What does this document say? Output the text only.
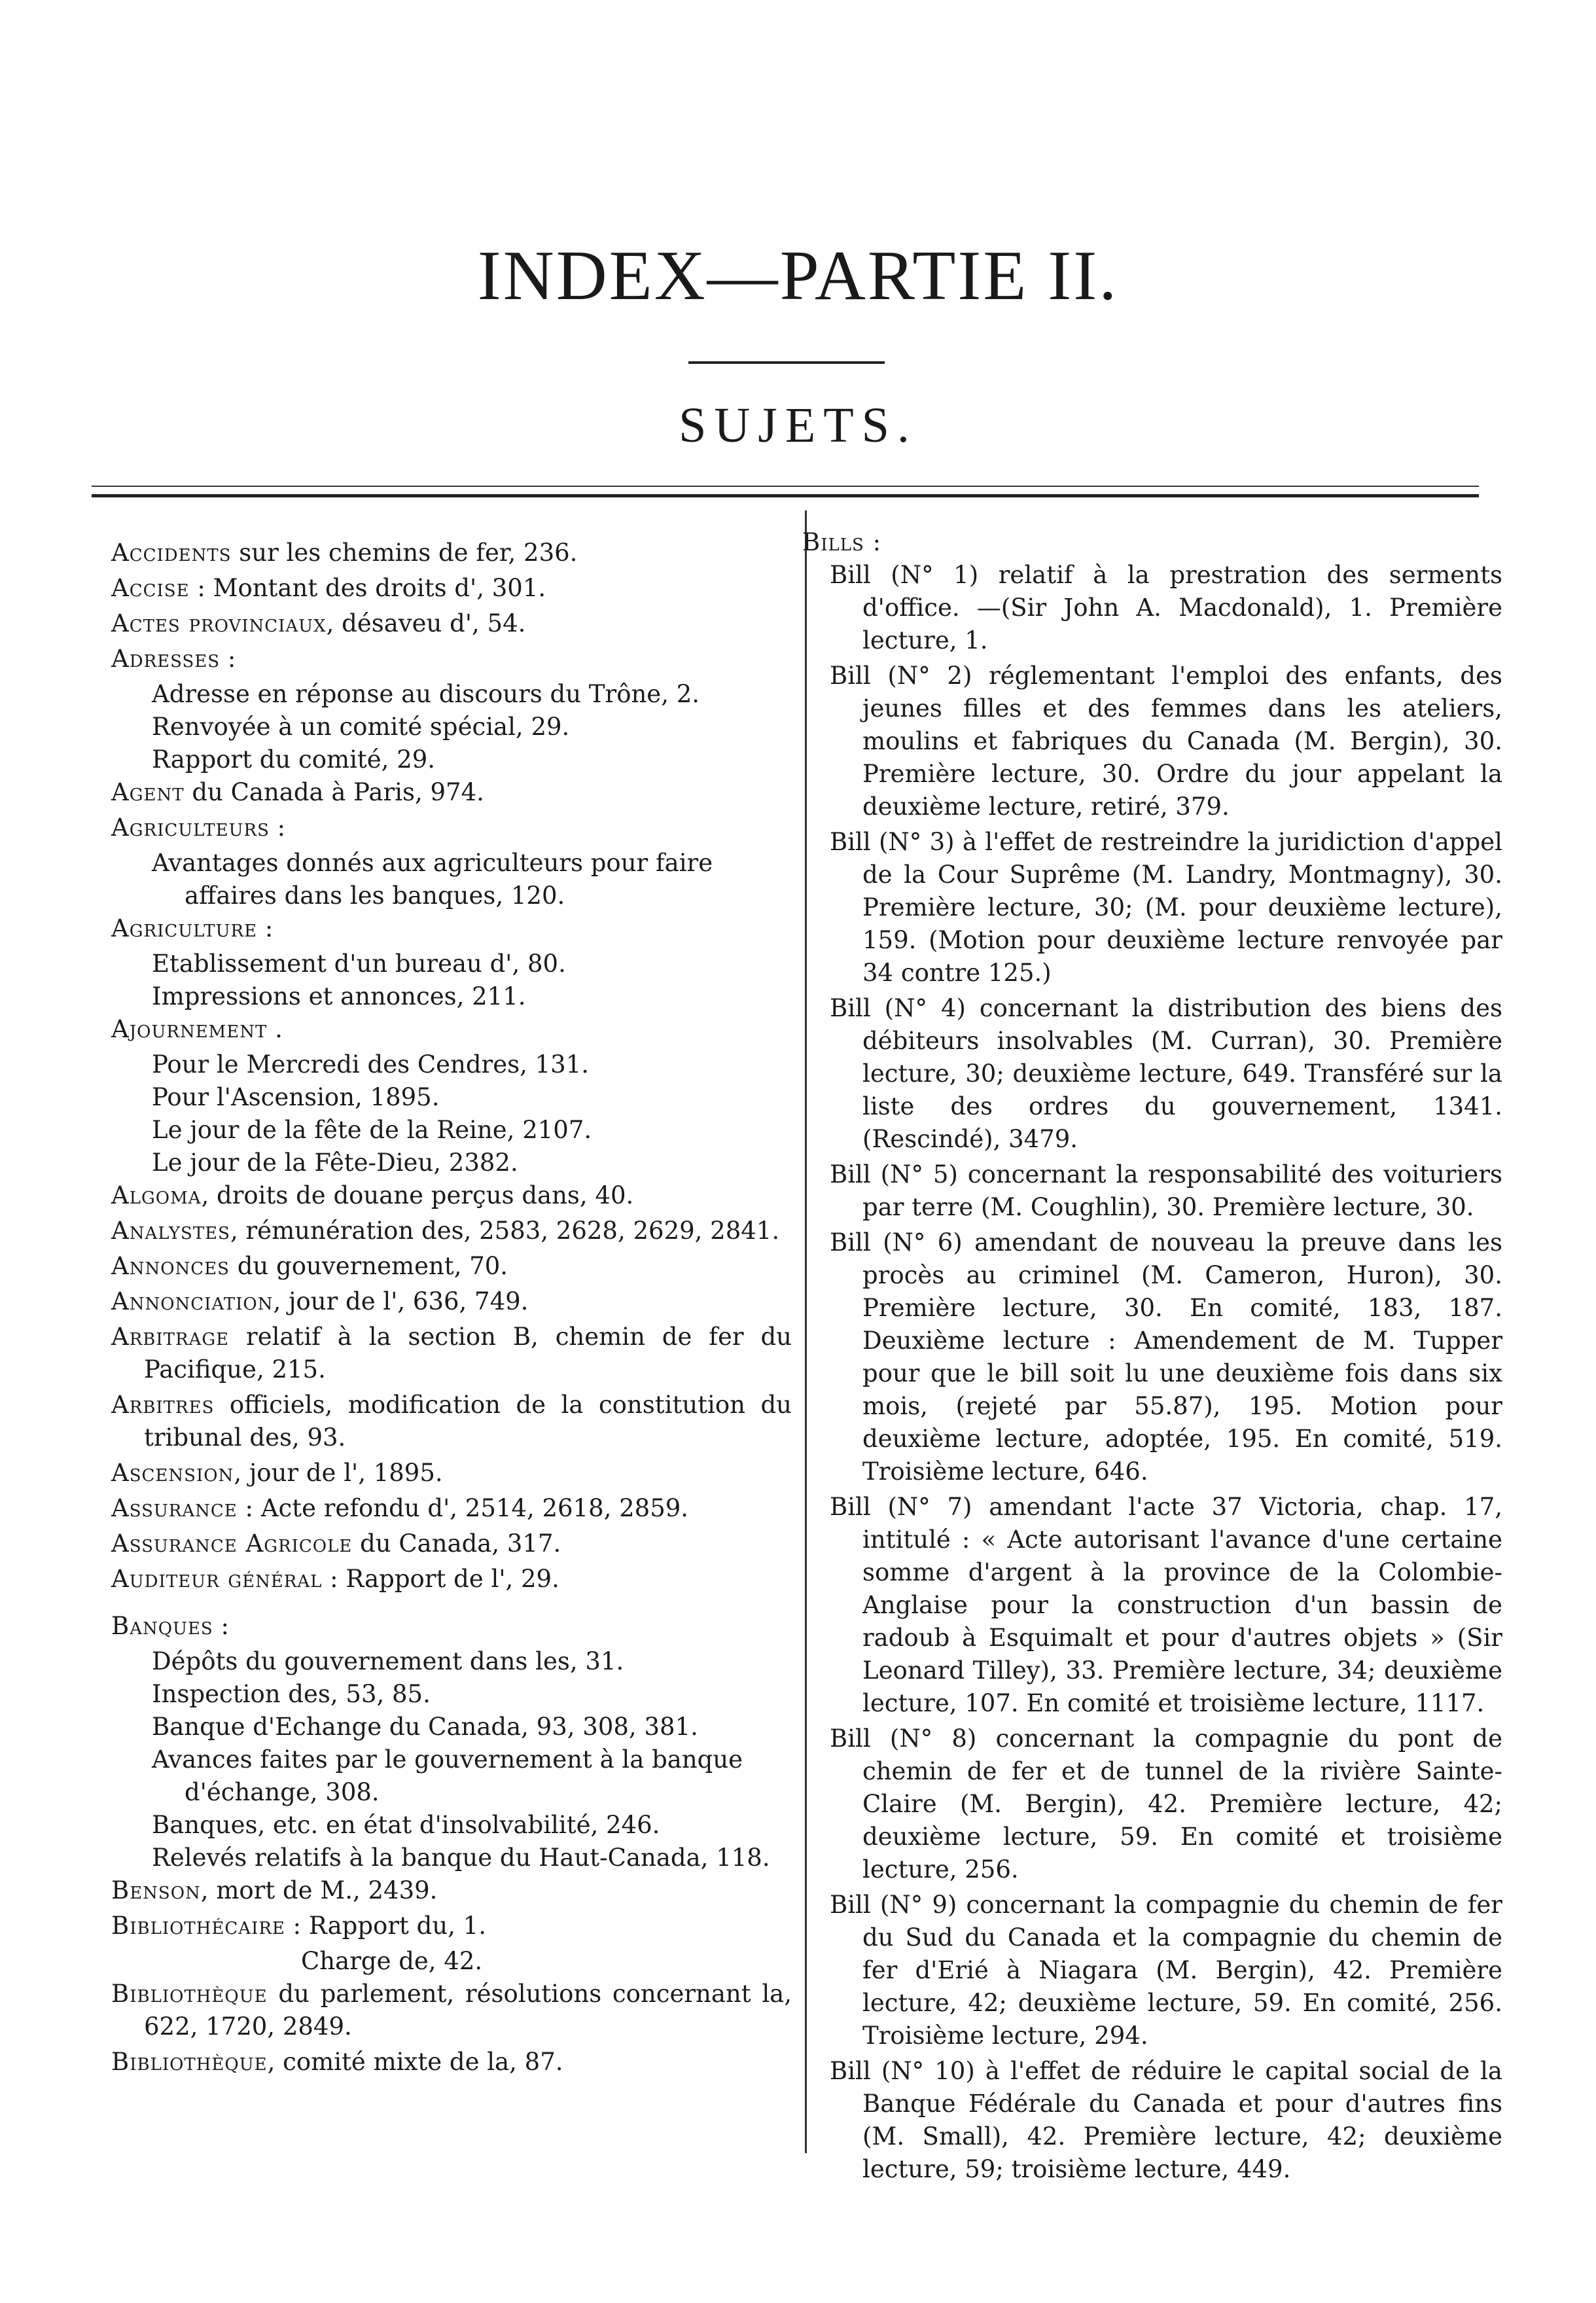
INDEX—PARTIE II.
SUJETS.
Accidents sur les chemins de fer, 236.
Accise : Montant des droits d', 301.
Actes provinciaux, désaveu d', 54.
Adresses :
Adresse en réponse au discours du Trône, 2.
Renvoyée à un comité spécial, 29.
Rapport du comité, 29.
Agent du Canada à Paris, 974.
Agriculteurs :
Avantages donnés aux agriculteurs pour faire affaires dans les banques, 120.
Agriculture :
Etablissement d'un bureau d', 80.
Impressions et annonces, 211.
Ajournement .
Pour le Mercredi des Cendres, 131.
Pour l'Ascension, 1895.
Le jour de la fête de la Reine, 2107.
Le jour de la Fête-Dieu, 2382.
Algoma, droits de douane perçus dans, 40.
Analystes, rémunération des, 2583, 2628, 2629, 2841.
Annonces du gouvernement, 70.
Annonciation, jour de l', 636, 749.
Arbitrage relatif à la section B, chemin de fer du Pacifique, 215.
Arbitres officiels, modification de la constitution du tribunal des, 93.
Ascension, jour de l', 1895.
Assurance : Acte refondu d', 2514, 2618, 2859.
Assurance Agricole du Canada, 317.
Auditeur général : Rapport de l', 29.
Banques :
Dépôts du gouvernement dans les, 31.
Inspection des, 53, 85.
Banque d'Echange du Canada, 93, 308, 381.
Avances faites par le gouvernement à la banque d'échange, 308.
Banques, etc. en état d'insolvabilité, 246.
Relevés relatifs à la banque du Haut-Canada, 118.
Benson, mort de M., 2439.
Bibliothécaire : Rapport du, 1.
Charge de, 42.
Bibliothèque du parlement, résolutions concernant la, 622, 1720, 2849.
Bibliothèque, comité mixte de la, 87.
Bills :
Bill (N° 1) relatif à la prestration des serments d'office. —(Sir John A. Macdonald), 1. Première lecture, 1.
Bill (N° 2) réglementant l'emploi des enfants, des jeunes filles et des femmes dans les ateliers, moulins et fabriques du Canada (M. Bergin), 30. Première lecture, 30. Ordre du jour appelant la deuxième lecture, retiré, 379.
Bill (N° 3) à l'effet de restreindre la juridiction d'appel de la Cour Suprême (M. Landry, Montmagny), 30. Première lecture, 30; (M. pour deuxième lecture), 159. (Motion pour deuxième lecture renvoyée par 34 contre 125.)
Bill (N° 4) concernant la distribution des biens des débiteurs insolvables (M. Curran), 30. Première lecture, 30; deuxième lecture, 649. Transféré sur la liste des ordres du gouvernement, 1341. (Rescindé), 3479.
Bill (N° 5) concernant la responsabilité des voituriers par terre (M. Coughlin), 30. Première lecture, 30.
Bill (N° 6) amendant de nouveau la preuve dans les procès au criminel (M. Cameron, Huron), 30. Première lecture, 30. En comité, 183, 187. Deuxième lecture : Amendement de M. Tupper pour que le bill soit lu une deuxième fois dans six mois, (rejeté par 55.87), 195. Motion pour deuxième lecture, adoptée, 195. En comité, 519. Troisième lecture, 646.
Bill (N° 7) amendant l'acte 37 Victoria, chap. 17, intitulé : « Acte autorisant l'avance d'une certaine somme d'argent à la province de la Colombie-Anglaise pour la construction d'un bassin de radoub à Esquimalt et pour d'autres objets » (Sir Leonard Tilley), 33. Première lecture, 34; deuxième lecture, 107. En comité et troisième lecture, 1117.
Bill (N° 8) concernant la compagnie du pont de chemin de fer et de tunnel de la rivière Sainte-Claire (M. Bergin), 42. Première lecture, 42; deuxième lecture, 59. En comité et troisième lecture, 256.
Bill (N° 9) concernant la compagnie du chemin de fer du Sud du Canada et la compagnie du chemin de fer d'Erié à Niagara (M. Bergin), 42. Première lecture, 42; deuxième lecture, 59. En comité, 256. Troisième lecture, 294.
Bill (N° 10) à l'effet de réduire le capital social de la Banque Fédérale du Canada et pour d'autres fins (M. Small), 42. Première lecture, 42; deuxième lecture, 59; troisième lecture, 449.
